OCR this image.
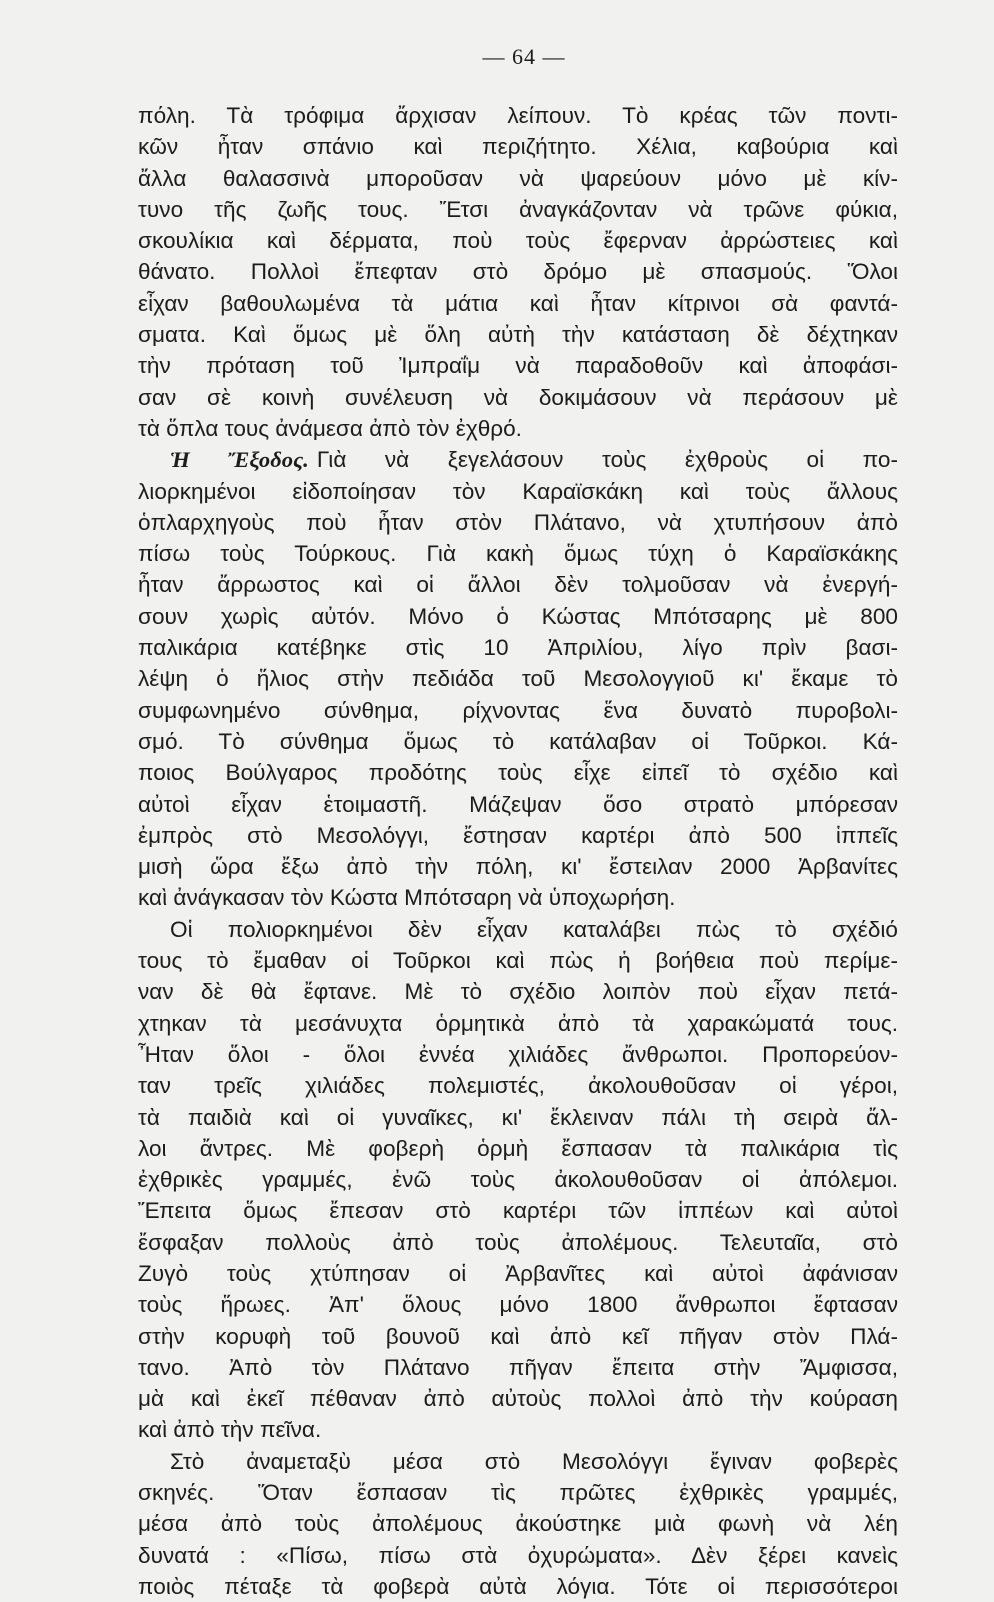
— 64 —
πόλη. Τὰ τρόφιμα ἄρχισαν λείπουν. Τὸ κρέας τῶν ποντι-
κῶν ἦταν σπάνιο καὶ περιζήτητο. Χέλια, καβούρια καὶ
ἄλλα θαλασσινὰ μποροῦσαν νὰ ψαρεύουν μόνο μὲ κίν-
τυνο τῆς ζωῆς τους. Ἔτσι ἀναγκάζονταν νὰ τρῶνε φύκια,
σκουλίκια καὶ δέρματα, ποὺ τοὺς ἔφερναν ἀρρώστειες καὶ
θάνατο. Πολλοὶ ἔπεφταν στὸ δρόμο μὲ σπασμούς. Ὅλοι
εἶχαν βαθουλωμένα τὰ μάτια καὶ ἦταν κίτρινοι σὰ φαντά-
σματα. Καὶ ὅμως μὲ ὅλη αὐτὴ τὴν κατάσταση δὲ δέχτηκαν
τὴν πρόταση τοῦ Ἰμπραΐμ νὰ παραδοθοῦν καὶ ἀποφάσι-
σαν σὲ κοινὴ συνέλευση νὰ δοκιμάσουν νὰ περάσουν μὲ
τὰ ὅπλα τους ἀνάμεσα ἀπὸ τὸν ἐχθρό.
Ἡ Ἔξοδος. Γιὰ νὰ ξεγελάσουν τοὺς ἐχθροὺς οἱ πο-
λιορκημένοι εἰδοποίησαν τὸν Καραϊσκάκη καὶ τοὺς ἄλλους
ὁπλαρχηγοὺς ποὺ ἦταν στὸν Πλάτανο, νὰ χτυπήσουν ἀπὸ
πίσω τοὺς Τούρκους. Γιὰ κακὴ ὅμως τύχη ὁ Καραϊσκάκης
ἦταν ἄρρωστος καὶ οἱ ἄλλοι δὲν τολμοῦσαν νὰ ἐνεργή-
σουν χωρὶς αὐτόν. Μόνο ὁ Κώστας Μπότσαρης μὲ 800
παλικάρια κατέβηκε στὶς 10 Ἀπριλίου, λίγο πρὶν βασι-
λέψη ὁ ἥλιος στὴν πεδιάδα τοῦ Μεσολογγιοῦ κι' ἔκαμε τὸ
συμφωνημένο σύνθημα, ρίχνοντας ἕνα δυνατὸ πυροβολι-
σμό. Τὸ σύνθημα ὅμως τὸ κατάλαβαν οἱ Τοῦρκοι. Κά-
ποιος Βούλγαρος προδότης τοὺς εἶχε εἰπεῖ τὸ σχέδιο καὶ
αὐτοὶ εἶχαν ἑτοιμαστῆ. Μάζεψαν ὅσο στρατὸ μπόρεσαν
ἐμπρὸς στὸ Μεσολόγγι, ἔστησαν καρτέρι ἀπὸ 500 ἱππεῖς
μισὴ ὥρα ἔξω ἀπὸ τὴν πόλη, κι' ἔστειλαν 2000 Ἀρβανίτες
καὶ ἀνάγκασαν τὸν Κώστα Μπότσαρη νὰ ὑποχωρήση.
Οἱ πολιορκημένοι δὲν εἶχαν καταλάβει πὼς τὸ σχέδιό
τους τὸ ἔμαθαν οἱ Τοῦρκοι καὶ πὼς ἡ βοήθεια ποὺ περίμε-
ναν δὲ θὰ ἔφτανε. Μὲ τὸ σχέδιο λοιπὸν ποὺ εἶχαν πετά-
χτηκαν τὰ μεσάνυχτα ὁρμητικὰ ἀπὸ τὰ χαρακώματά τους.
Ἦταν ὅλοι - ὅλοι ἐννέα χιλιάδες ἄνθρωποι. Προπορεύον-
ταν τρεῖς χιλιάδες πολεμιστές, ἀκολουθοῦσαν οἱ γέροι,
τὰ παιδιὰ καὶ οἱ γυναῖκες, κι' ἔκλειναν πάλι τὴ σειρὰ ἄλ-
λοι ἄντρες. Μὲ φοβερὴ ὁρμὴ ἔσπασαν τὰ παλικάρια τὶς
ἐχθρικὲς γραμμές, ἐνῶ τοὺς ἀκολουθοῦσαν οἱ ἀπόλεμοι.
Ἔπειτα ὅμως ἔπεσαν στὸ καρτέρι τῶν ἱππέων καὶ αὐτοὶ
ἔσφαξαν πολλοὺς ἀπὸ τοὺς ἀπολέμους. Τελευταῖα, στὸ
Ζυγὸ τοὺς χτύπησαν οἱ Ἀρβανῖτες καὶ αὐτοὶ ἀφάνισαν
τοὺς ἥρωες. Ἀπ' ὅλους μόνο 1800 ἄνθρωποι ἔφτασαν
στὴν κορυφὴ τοῦ βουνοῦ καὶ ἀπὸ κεῖ πῆγαν στὸν Πλά-
τανο. Ἀπὸ τὸν Πλάτανο πῆγαν ἔπειτα στὴν Ἄμφισσα,
μὰ καὶ ἐκεῖ πέθαναν ἀπὸ αὐτοὺς πολλοὶ ἀπὸ τὴν κούραση
καὶ ἀπὸ τὴν πεῖνα.
Στὸ ἀναμεταξὺ μέσα στὸ Μεσολόγγι ἔγιναν φοβερὲς
σκηνές. Ὅταν ἔσπασαν τὶς πρῶτες ἐχθρικὲς γραμμές,
μέσα ἀπὸ τοὺς ἀπολέμους ἀκούστηκε μιὰ φωνὴ νὰ λέη
δυνατά : «Πίσω, πίσω στὰ ὀχυρώματα». Δὲν ξέρει κανεὶς
ποιὸς πέταξε τὰ φοβερὰ αὐτὰ λόγια. Τότε οἱ περισσότεροι
